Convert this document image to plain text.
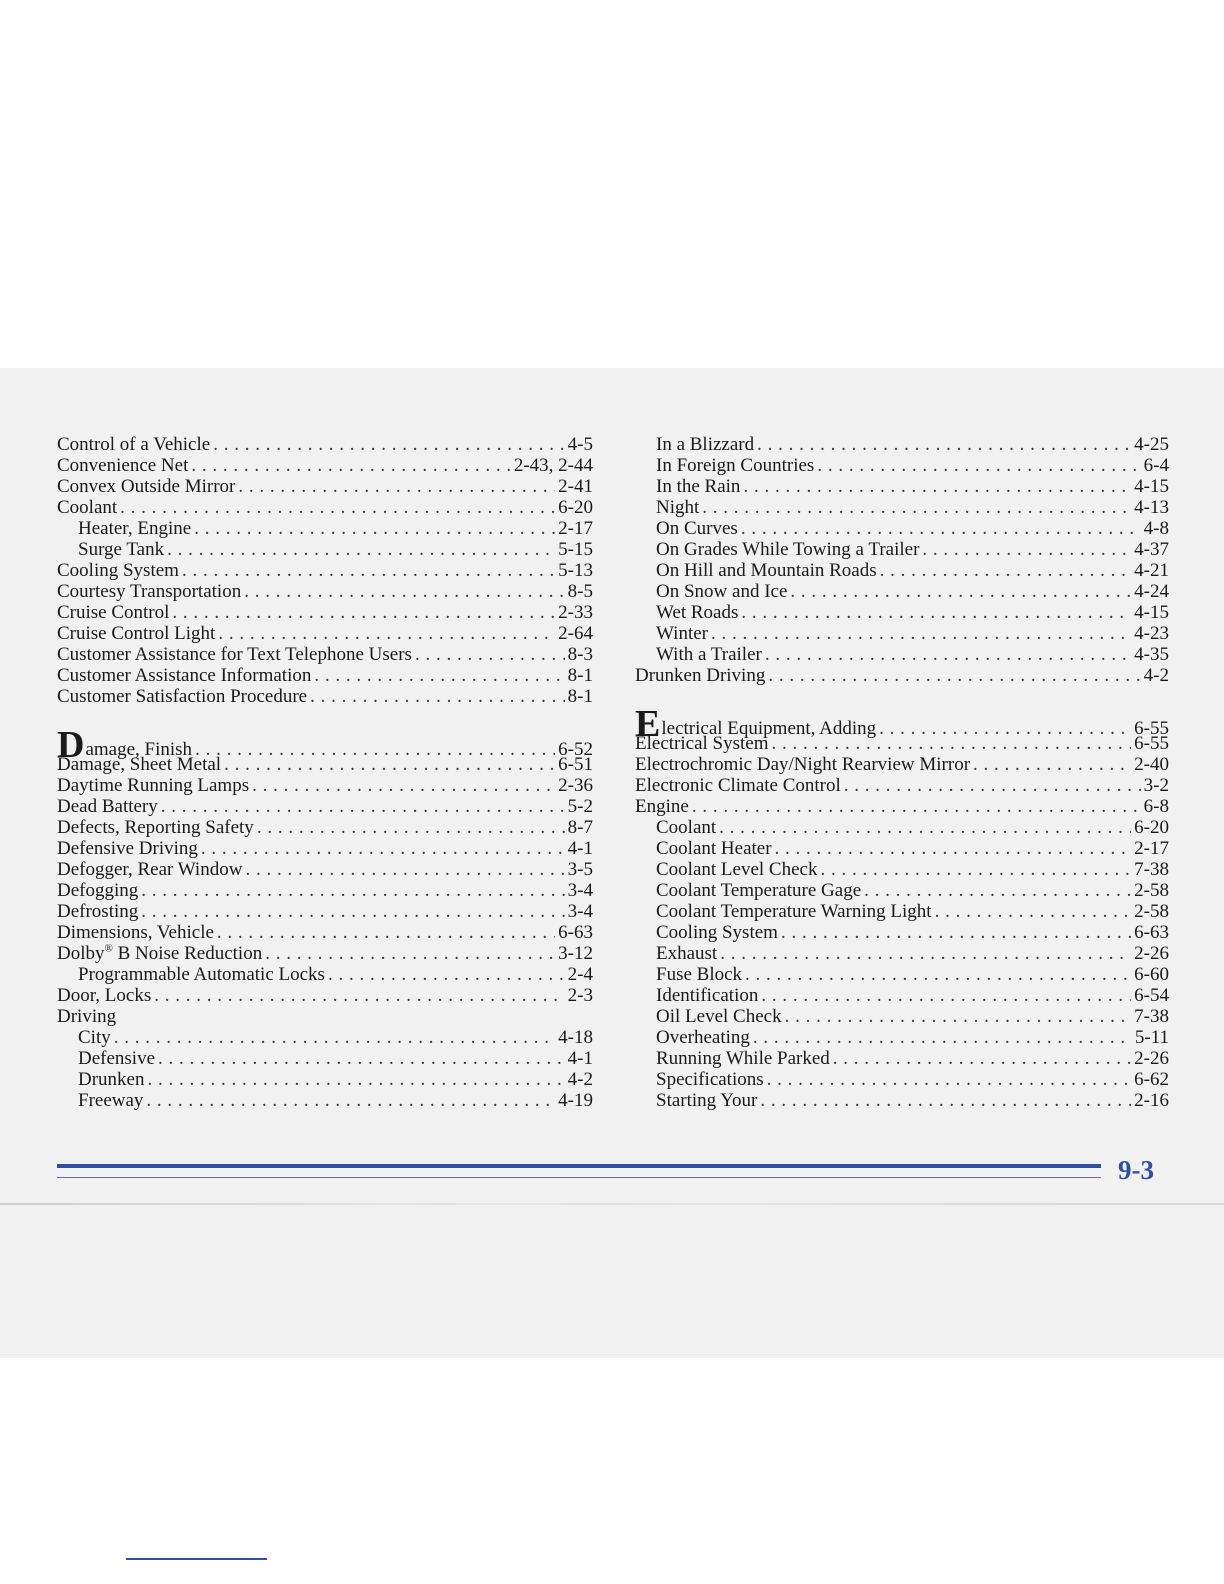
Control of a Vehicle . . .	4-5
Convenience Net . . .	2-43, 2-44
Convex Outside Mirror . . .	2-41
Coolant . . .	6-20
Heater, Engine . . .	2-17
Surge Tank . . .	5-15
Cooling System . . .	5-13
Courtesy Transportation . . .	8-5
Cruise Control . . .	2-33
Cruise Control Light . . .	2-64
Customer Assistance for Text Telephone Users . . .	8-3
Customer Assistance Information . . .	8-1
Customer Satisfaction Procedure . . .	8-1
Damage, Finish . . .	6-52
Damage, Sheet Metal . . .	6-51
Daytime Running Lamps . . .	2-36
Dead Battery . . .	5-2
Defects, Reporting Safety . . .	8-7
Defensive Driving . . .	4-1
Defogger, Rear Window . . .	3-5
Defogging . . .	3-4
Defrosting . . .	3-4
Dimensions, Vehicle . . .	6-63
Dolby® B Noise Reduction . . .	3-12
Programmable Automatic Locks . . .	2-4
Door, Locks . . .	2-3
Driving
City . . .	4-18
Defensive . . .	4-1
Drunken . . .	4-2
Freeway . . .	4-19
In a Blizzard . . .	4-25
In Foreign Countries . . .	6-4
In the Rain . . .	4-15
Night . . .	4-13
On Curves . . .	4-8
On Grades While Towing a Trailer . . .	4-37
On Hill and Mountain Roads . . .	4-21
On Snow and Ice . . .	4-24
Wet Roads . . .	4-15
Winter . . .	4-23
With a Trailer . . .	4-35
Drunken Driving . . .	4-2
Electrical Equipment, Adding . . .	6-55
Electrical System . . .	6-55
Electrochromic Day/Night Rearview Mirror . . .	2-40
Electronic Climate Control . . .	3-2
Engine . . .	6-8
Coolant . . .	6-20
Coolant Heater . . .	2-17
Coolant Level Check . . .	7-38
Coolant Temperature Gage . . .	2-58
Coolant Temperature Warning Light . . .	2-58
Cooling System . . .	6-63
Exhaust . . .	2-26
Fuse Block . . .	6-60
Identification . . .	6-54
Oil Level Check . . .	7-38
Overheating . . .	5-11
Running While Parked . . .	2-26
Specifications . . .	6-62
Starting Your . . .	2-16
9-3
